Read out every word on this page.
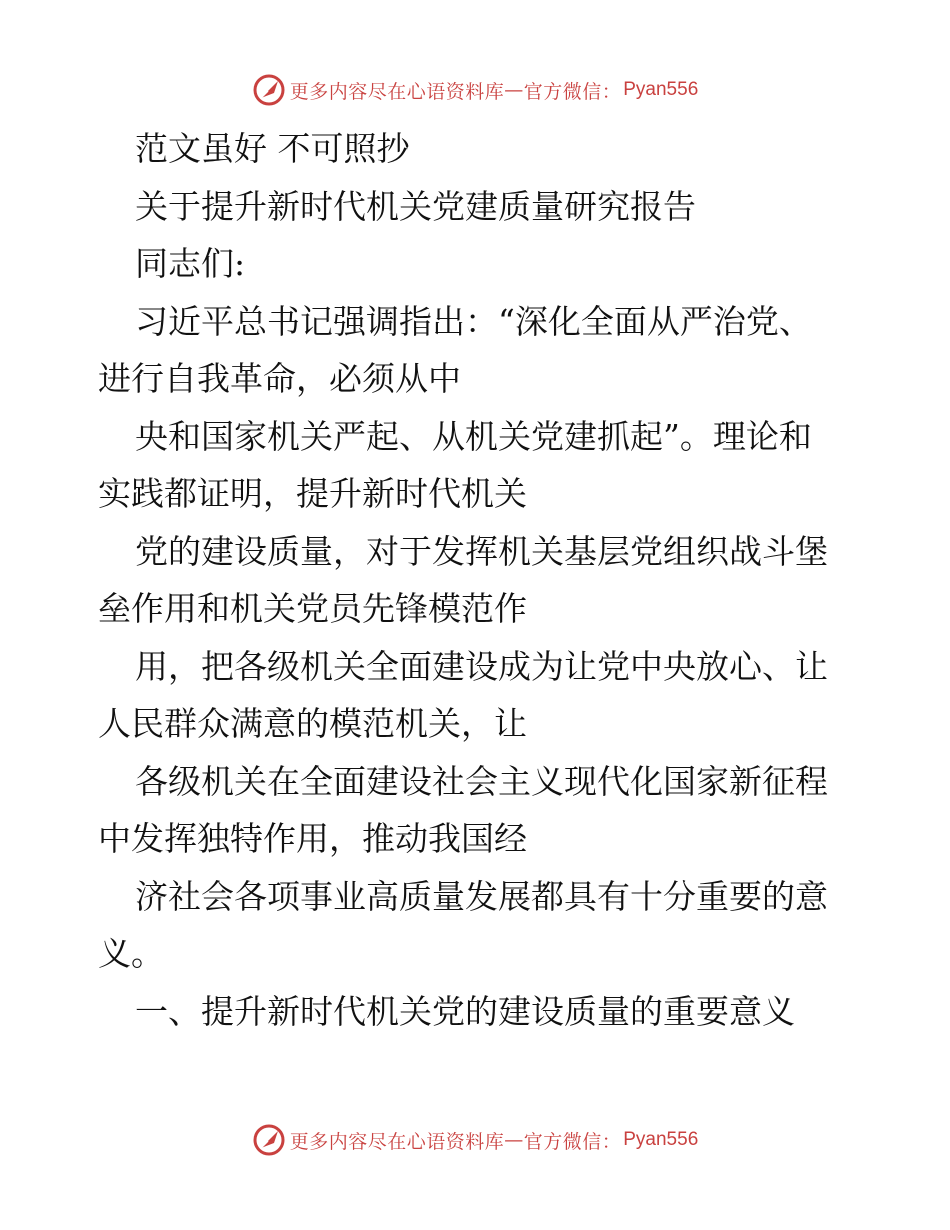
更多内容尽在心语资料库 — 官方微信： Pyan556

范文虽好 不可照抄

关于提升新时代机关党建质量研究报告

同志们:

习近平总书记强调指出：“深化全面从严治党、

进行自我革命，必须从中

央和国家机关严起、从机关党建抓起”。理论和

实践都证明，提升新时代机关

党的建设质量，对于发挥机关基层党组织战斗堡

垒作用和机关党员先锋模范作

用，把各级机关全面建设成为让党中央放心、让

人民群众满意的模范机关，让

各级机关在全面建设社会主义现代化国家新征程

中发挥独特作用，推动我国经

济社会各项事业高质量发展都具有十分重要的意

义。

一、提升新时代机关党的建设质量的重要意义

更多内容尽在心语资料库 — 官方微信： Pyan556
